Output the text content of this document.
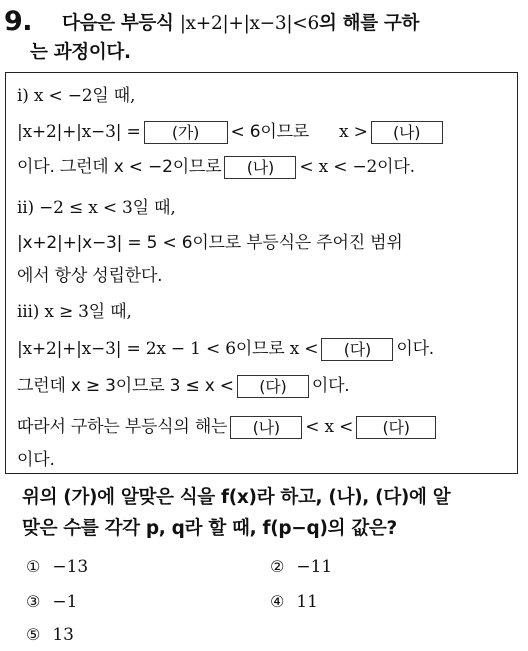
9. 다음은 부등식 |x+2|+|x−3|<6의 해를 구하
는 과정이다.
i) x < −2일 때,
|x+2|+|x−3| = (가) < 6이므로 x > (나)
이다. 그런데 x < −2이므로 (나) < x < −2이다.
ii) −2 ≤ x < 3일 때,
|x+2|+|x−3| = 5 < 6이므로 부등식은 주어진 범위
에서 항상 성립한다.
iii) x ≥ 3일 때,
|x+2|+|x−3| = 2x − 1 < 6이므로 x < (다) 이다.
그런데 x ≥ 3이므로 3 ≤ x < (다) 이다.
따라서 구하는 부등식의 해는 (나) < x < (다)
이다.
위의 (가)에 알맞은 식을 f(x)라 하고, (나), (다)에 알
맞은 수를 각각 p, q라 할 때, f(p−q)의 값은?
① −13	② −11
③ −1	④ 11
⑤ 13
